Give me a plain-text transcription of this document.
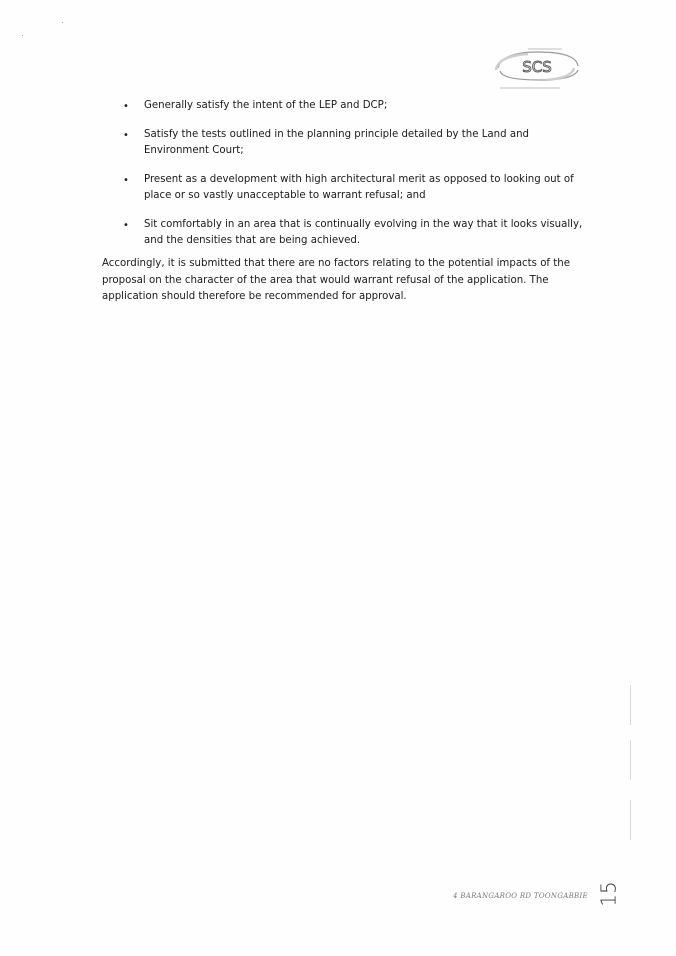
SCS
• Generally satisfy the intent of the LEP and DCP;
• Satisfy the tests outlined in the planning principle detailed by the Land and Environment Court;
• Present as a development with high architectural merit as opposed to looking out of place or so vastly unacceptable to warrant refusal; and
• Sit comfortably in an area that is continually evolving in the way that it looks visually, and the densities that are being achieved.

Accordingly, it is submitted that there are no factors relating to the potential impacts of the proposal on the character of the area that would warrant refusal of the application. The application should therefore be recommended for approval.

4 BARANGAROO RD TOONGABBIE 15
